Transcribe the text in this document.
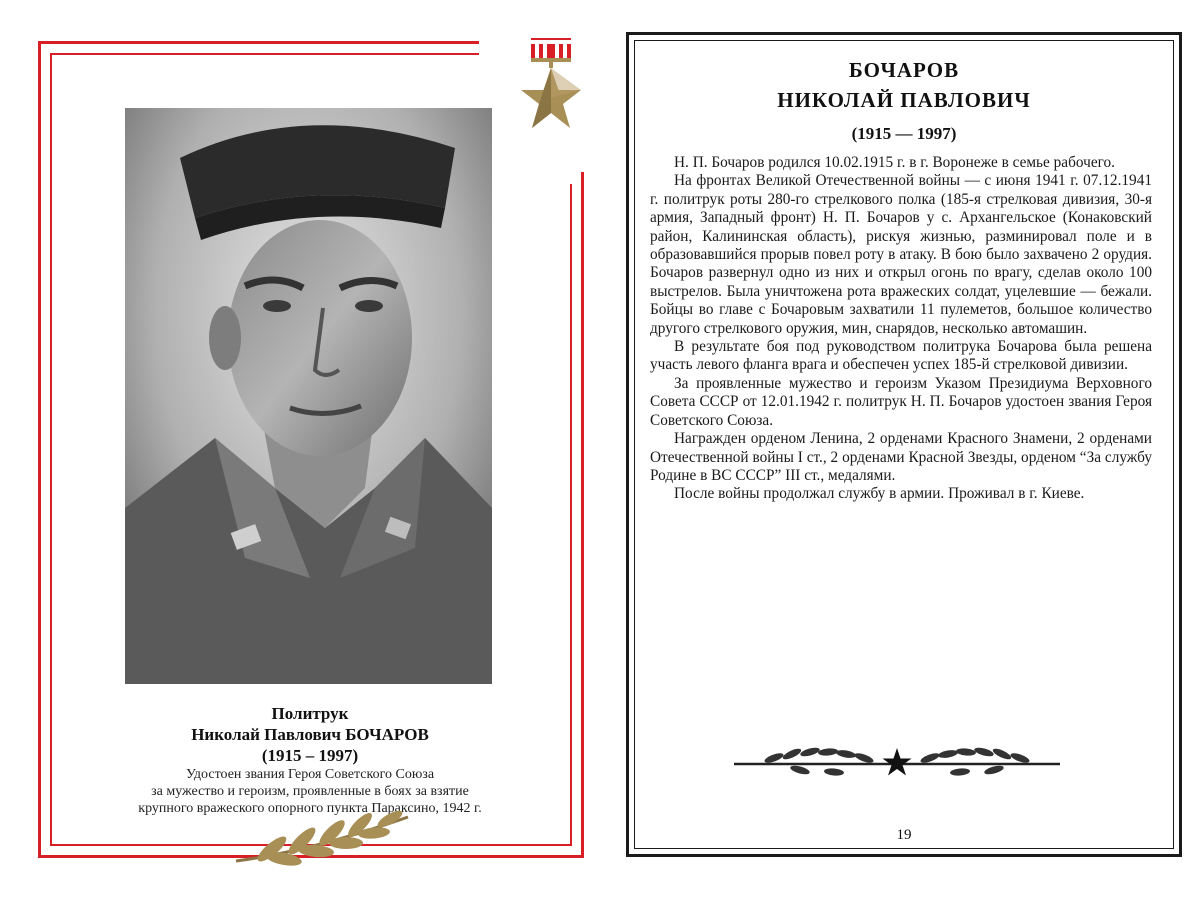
Политрук
Николай Павлович БОЧАРОВ
(1915 – 1997)
Удостоен звания Героя Советского Союза
за мужество и героизм, проявленные в боях за взятие
крупного вражеского опорного пункта Параксино, 1942 г.
БОЧАРОВ
НИКОЛАЙ ПАВЛОВИЧ
(1915 — 1997)

Н. П. Бочаров родился 10.02.1915 г. в г. Воронеже в семье рабочего.

На фронтах Великой Отечественной войны — с июня 1941 г. 07.12.1941 г. политрук роты 280-го стрелкового полка (185-я стрелковая дивизия, 30-я армия, Западный фронт) Н. П. Бочаров у с. Архангельское (Конаковский район, Калининская область), рискуя жизнью, разминировал поле и в образовавшийся прорыв повел роту в атаку. В бою было захвачено 2 орудия. Бочаров развернул одно из них и открыл огонь по врагу, сделав около 100 выстрелов. Была уничтожена рота вражеских солдат, уцелевшие — бежали. Бойцы во главе с Бочаровым захватили 11 пулеметов, большое количество другого стрелкового оружия, мин, снарядов, несколько автомашин.

В результате боя под руководством политрука Бочарова была решена участь левого фланга врага и обеспечен успех 185-й стрелковой дивизии.

За проявленные мужество и героизм Указом Президиума Верховного Совета СССР от 12.01.1942 г. политрук Н. П. Бочаров удостоен звания Героя Советского Союза.

Награжден орденом Ленина, 2 орденами Красного Знамени, 2 орденами Отечественной войны I ст., 2 орденами Красной Звезды, орденом “За службу Родине в ВС СССР” III ст., медалями.

После войны продолжал службу в армии. Проживал в г. Киеве.

19
